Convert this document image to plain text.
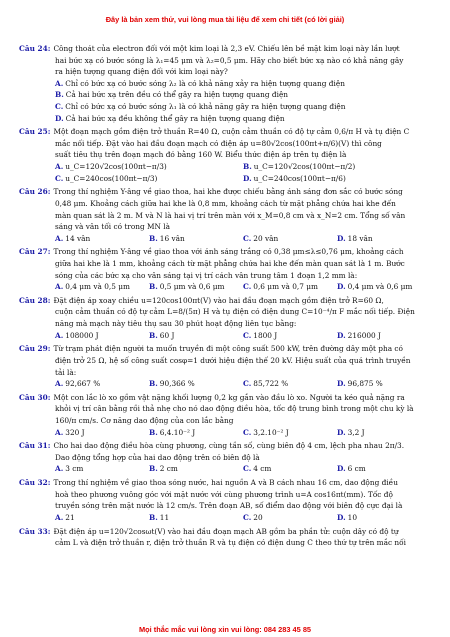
Đây là bản xem thử, vui lòng mua tài liệu để xem chi tiết (có lời giải)
Câu 24: Công thoát của electron đối với một kim loại là 2,3 eV. Chiếu lên bề mặt kim loại này lần lượt
hai bức xạ có bước sóng là λ₁=45 μm và λ₂=0,5 μm. Hãy cho biết bức xạ nào có khả năng gây
ra hiện tượng quang điện đối với kim loại này?
A. Chỉ có bức xạ có bước sóng λ₂ là có khả năng xảy ra hiện tượng quang điện
B. Cả hai bức xạ trên đều có thể gây ra hiện tượng quang điện
C. Chỉ có bức xạ có bước sóng λ₁ là có khả năng gây ra hiện tượng quang điện
D. Cả hai bức xạ đều không thể gây ra hiện tượng quang điện
Câu 25: Một đoạn mạch gồm điện trở thuần R=40 Ω, cuộn cảm thuần có độ tự cảm 0,6/π H và tụ điện C
mắc nối tiếp. Đặt vào hai đầu đoạn mạch có điện áp u=80√2cos(100πt+π/6)(V) thì công
suất tiêu thụ trên đoạn mạch đó bằng 160 W. Biểu thức điện áp trên tụ điện là
A. u_C=120√2cos(100πt−π/3)	B. u_C=120√2cos(100πt−π/2)
C. u_C=240cos(100πt−π/3)	D. u_C=240cos(100πt−π/6)
Câu 26: Trong thí nghiệm Y-âng về giao thoa, hai khe được chiếu bằng ánh sáng đơn sắc có bước sóng
0,48 μm. Khoảng cách giữa hai khe là 0,8 mm, khoảng cách từ mặt phẳng chứa hai khe đến
màn quan sát là 2 m. M và N là hai vị trí trên màn với x_M=0,8 cm và x_N=2 cm. Tổng số vân
sáng và vân tối có trong MN là
A. 14 vân	B. 16 vân	C. 20 vân	D. 18 vân
Câu 27: Trong thí nghiệm Y-âng về giao thoa với ánh sáng trắng có 0,38 μm≤λ≤0,76 μm, khoảng cách
giữa hai khe là 1 mm, khoảng cách từ mặt phẳng chứa hai khe đến màn quan sát là 1 m. Bước
sóng của các bức xạ cho vân sáng tại vị trí cách vân trung tâm 1 đoạn 1,2 mm là:
A. 0,4 μm và 0,5 μm	B. 0,5 μm và 0,6 μm	C. 0,6 μm và 0,7 μm	D. 0,4 μm và 0,6 μm
Câu 28: Đặt điện áp xoay chiều u=120cos100πt(V) vào hai đầu đoạn mạch gồm điện trở R=60 Ω,
cuộn cảm thuần có độ tự cảm L=8/(5π) H và tụ điện có điện dung C=10⁻⁴/π F mắc nối tiếp. Điện
năng mà mạch này tiêu thụ sau 30 phút hoạt động liên tục bằng:
A. 108000 J	B. 60 J	C. 1800 J	D. 216000 J
Câu 29: Từ trạm phát điện người ta muốn truyền đi một công suất 500 kW, trên đường dây một pha có
điện trở 25 Ω, hệ số công suất cosφ=1 dưới hiệu điện thế 20 kV. Hiệu suất của quá trình truyền
tải là:
A. 92,667 %	B. 90,366 %	C. 85,722 %	D. 96,875 %
Câu 30: Một con lắc lò xo gồm vật nặng khối lượng 0,2 kg gắn vào đầu lò xo. Người ta kéo quả nặng ra
khỏi vị trí cân bằng rồi thả nhẹ cho nó dao động điều hòa, tốc độ trung bình trong một chu kỳ là
160/π cm/s. Cơ năng dao động của con lắc bằng
A. 320 J	B. 6,4.10⁻² J	C. 3,2.10⁻² J	D. 3,2 J
Câu 31: Cho hai dao động điều hòa cùng phương, cùng tần số, cùng biên độ 4 cm, lệch pha nhau 2π/3.
Dao động tổng hợp của hai dao động trên có biên độ là
A. 3 cm	B. 2 cm	C. 4 cm	D. 6 cm
Câu 32: Trong thí nghiệm về giao thoa sóng nước, hai nguồn A và B cách nhau 16 cm, dao động điều
hoà theo phương vuông góc với mặt nước với cùng phương trình u=A cos16πt(mm). Tốc độ
truyền sóng trên mặt nước là 12 cm/s. Trên đoạn AB, số điểm dao động với biên độ cực đại là
A. 21	B. 11	C. 20	D. 10
Câu 33: Đặt điện áp u=120√2cosωt(V) vào hai đầu đoạn mạch AB gồm ba phần tử: cuộn dây có độ tự
cảm L và điện trở thuần r, điện trở thuần R và tụ điện có điện dung C theo thứ tự trên mắc nối
Mọi thắc mắc vui lòng xin vui lòng: 084 283 45 85
